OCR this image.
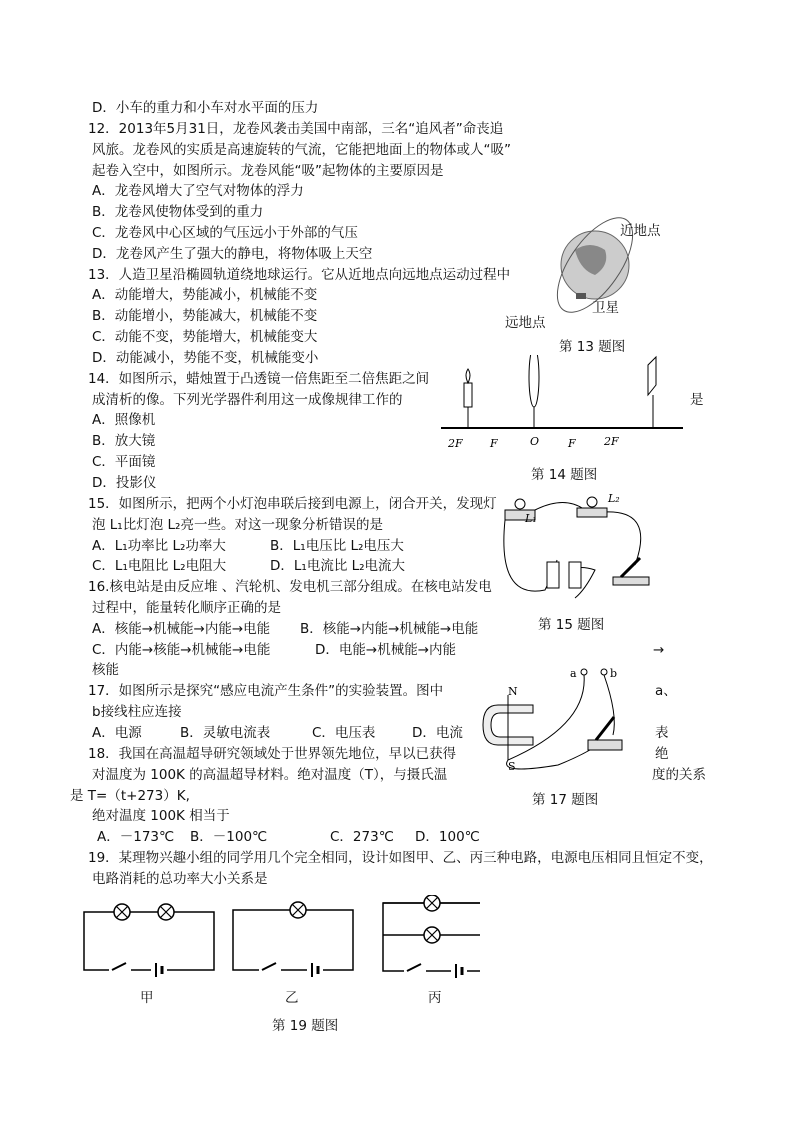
D．小车的重力和小车对水平面的压力
12．2013年5月31日，龙卷风袭击美国中南部，三名“追风者”命丧追
风旅。龙卷风的实质是高速旋转的气流，它能把地面上的物体或人“吸”
起卷入空中，如图所示。龙卷风能“吸”起物体的主要原因是
A．龙卷风增大了空气对物体的浮力
B．龙卷风使物体受到的重力
C．龙卷风中心区域的气压远小于外部的气压
D．龙卷风产生了强大的静电，将物体吸上天空
13．人造卫星沿椭圆轨道绕地球运行。它从近地点向远地点运动过程中
A．动能增大，势能减小，机械能不变
B．动能增小，势能减大，机械能不变
C．动能不变，势能增大，机械能变大
D．动能减小，势能不变，机械能变小
近地点
卫星
远地点
第 13 题图
14．如图所示，蜡烛置于凸透镜一倍焦距至二倍焦距之间
成清析的像。下列光学器件利用这一成像规律工作的	是
A．照像机
B．放大镜
C．平面镜
D．投影仪
2F F	O	F	2F
第 14 题图
15．如图所示，把两个小灯泡串联后接到电源上，闭合开关，发现灯
泡 L₁比灯泡 L₂亮一些。对这一现象分析错误的是
A．L₁功率比 L₂功率大	B．L₁电压比 L₂电压大
C．L₁电阻比 L₂电阻大	D．L₁电流比 L₂电流大
L₁
L₂
第 15 题图
16.核电站是由反应堆 、汽轮机、发电机三部分组成。在核电站发电
过程中，能量转化顺序正确的是
A．核能→机械能→内能→电能 B．核能→内能→机械能→电能
C．内能→核能→机械能→电能	D．电能→机械能→内能	→
核能
17．如图所示是探究“感应电流产生条件”的实验装置。图中	a、
b接线柱应连接
A．电源	B．灵敏电流表	C．电压表	D．电流	表
N
S
a	b
第 17 题图
18．我国在高温超导研究领域处于世界领先地位，早以已获得	绝
对温度为 100K 的高温超导材料。绝对温度（T），与摄氏温	度的关系
是 T=（t+273）K,
绝对温度 100K 相当于
A．－173℃ B．－100℃	C．273℃ D．100℃
19．某理物兴趣小组的同学用几个完全相同，设计如图甲、乙、丙三种电路，电源电压相同且恒定不变，
电路消耗的总功率大小关系是
甲	乙	丙
第 19 题图
